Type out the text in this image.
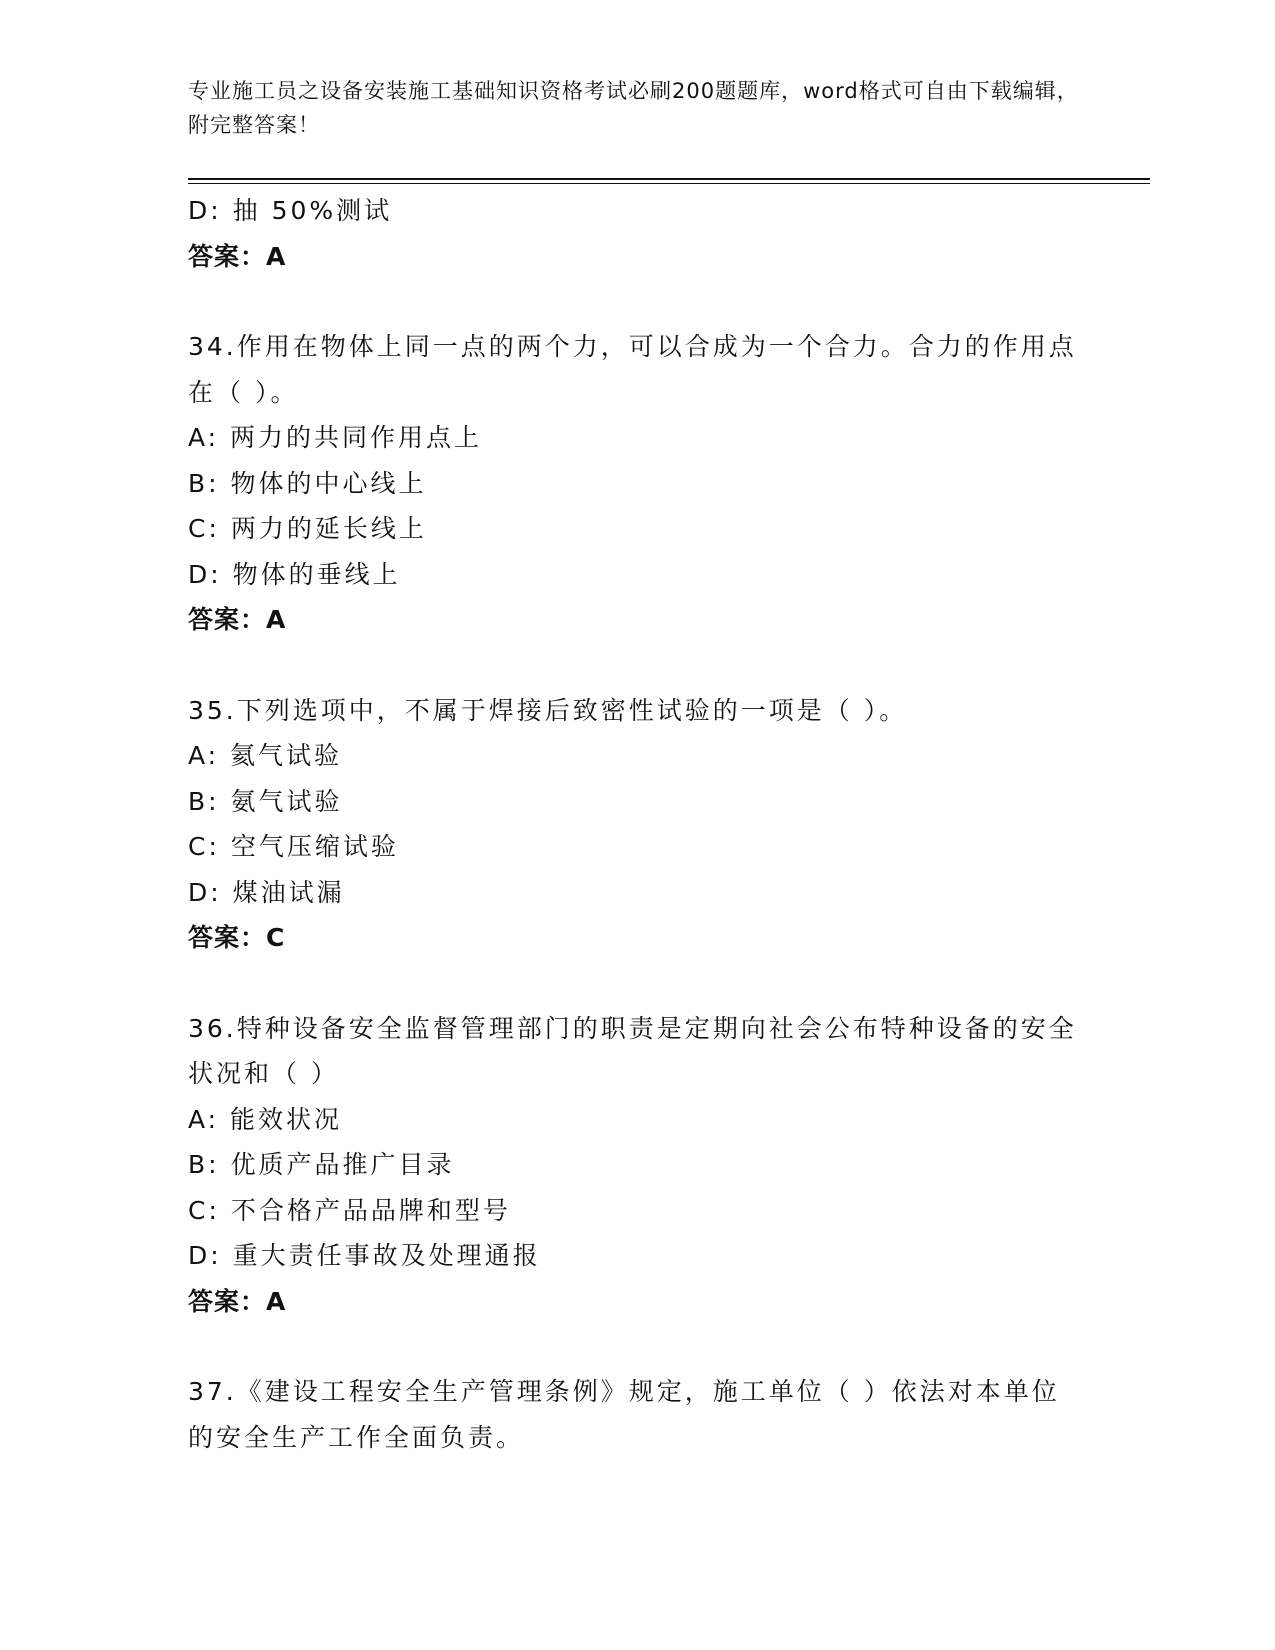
专业施工员之设备安装施工基础知识资格考试必刷200题题库，word格式可自由下载编辑，附完整答案！
D: 抽 50%测试
答案：A
34.作用在物体上同一点的两个力，可以合成为一个合力。合力的作用点在（ ）。
A: 两力的共同作用点上
B: 物体的中心线上
C: 两力的延长线上
D: 物体的垂线上
答案：A
35.下列选项中，不属于焊接后致密性试验的一项是（ ）。
A: 氦气试验
B: 氨气试验
C: 空气压缩试验
D: 煤油试漏
答案：C
36.特种设备安全监督管理部门的职责是定期向社会公布特种设备的安全状况和（ ）
A: 能效状况
B: 优质产品推广目录
C: 不合格产品品牌和型号
D: 重大责任事故及处理通报
答案：A
37.《建设工程安全生产管理条例》规定，施工单位（ ）依法对本单位的安全生产工作全面负责。
